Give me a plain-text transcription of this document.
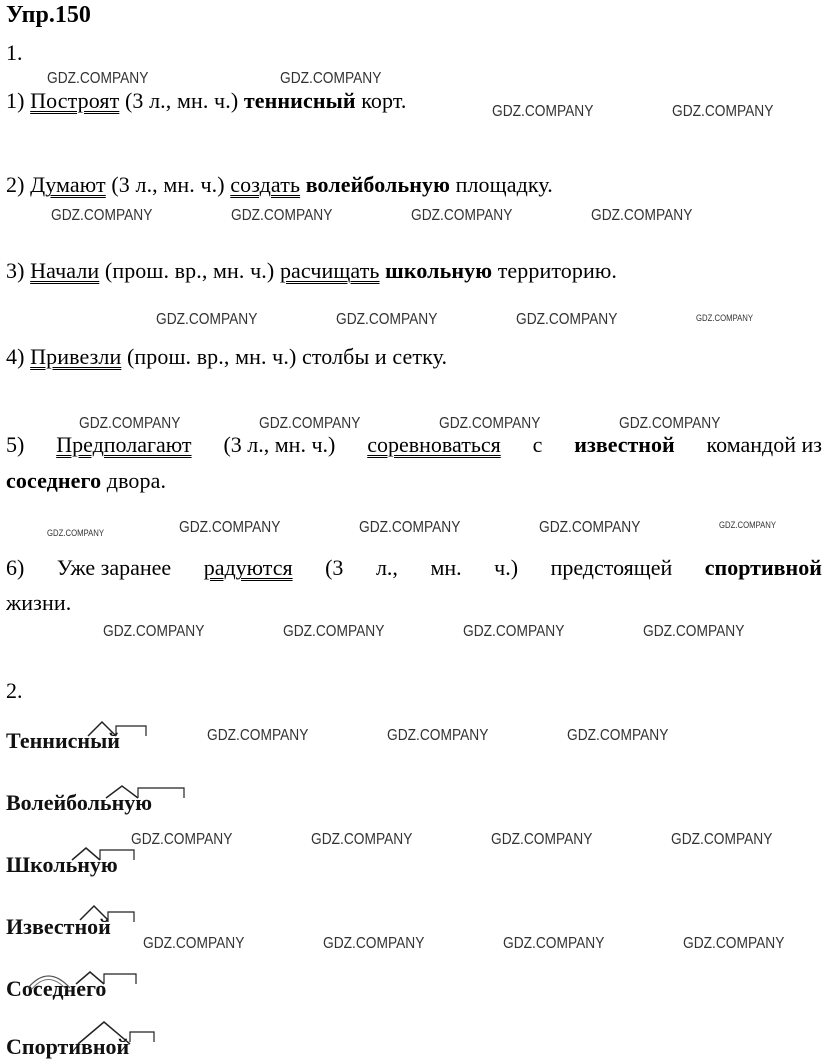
Упр.150
1.
1) Построят (3 л., мн. ч.) теннисный корт.
2) Думают (3 л., мн. ч.) создать волейбольную площадку.
3) Начали (прош. вр., мн. ч.) расчищать школьную территорию.
4) Привезли (прош. вр., мн. ч.) столбы и сетку.
5) Предполагают (3 л., мн. ч.) соревноваться с известной командой из
соседнего двора.
6) Уже заранее радуются (3 л., мн. ч.) предстоящей спортивной
жизни.
2.
Теннисный
Волейбольную
Школьную
Известной
Соседнего
Спортивной
GDZ.COMPANY	GDZ.COMPANY
GDZ.COMPANY	GDZ.COMPANY
GDZ.COMPANY	GDZ.COMPANY	GDZ.COMPANY	GDZ.COMPANY
GDZ.COMPANY	GDZ.COMPANY	GDZ.COMPANY	GDZ.COMPANY
GDZ.COMPANY	GDZ.COMPANY	GDZ.COMPANY	GDZ.COMPANY
GDZ.COMPANY	GDZ.COMPANY	GDZ.COMPANY	GDZ.COMPANY	GDZ.COMPANY
GDZ.COMPANY	GDZ.COMPANY	GDZ.COMPANY	GDZ.COMPANY
GDZ.COMPANY	GDZ.COMPANY	GDZ.COMPANY
GDZ.COMPANY	GDZ.COMPANY	GDZ.COMPANY	GDZ.COMPANY
GDZ.COMPANY	GDZ.COMPANY	GDZ.COMPANY	GDZ.COMPANY
